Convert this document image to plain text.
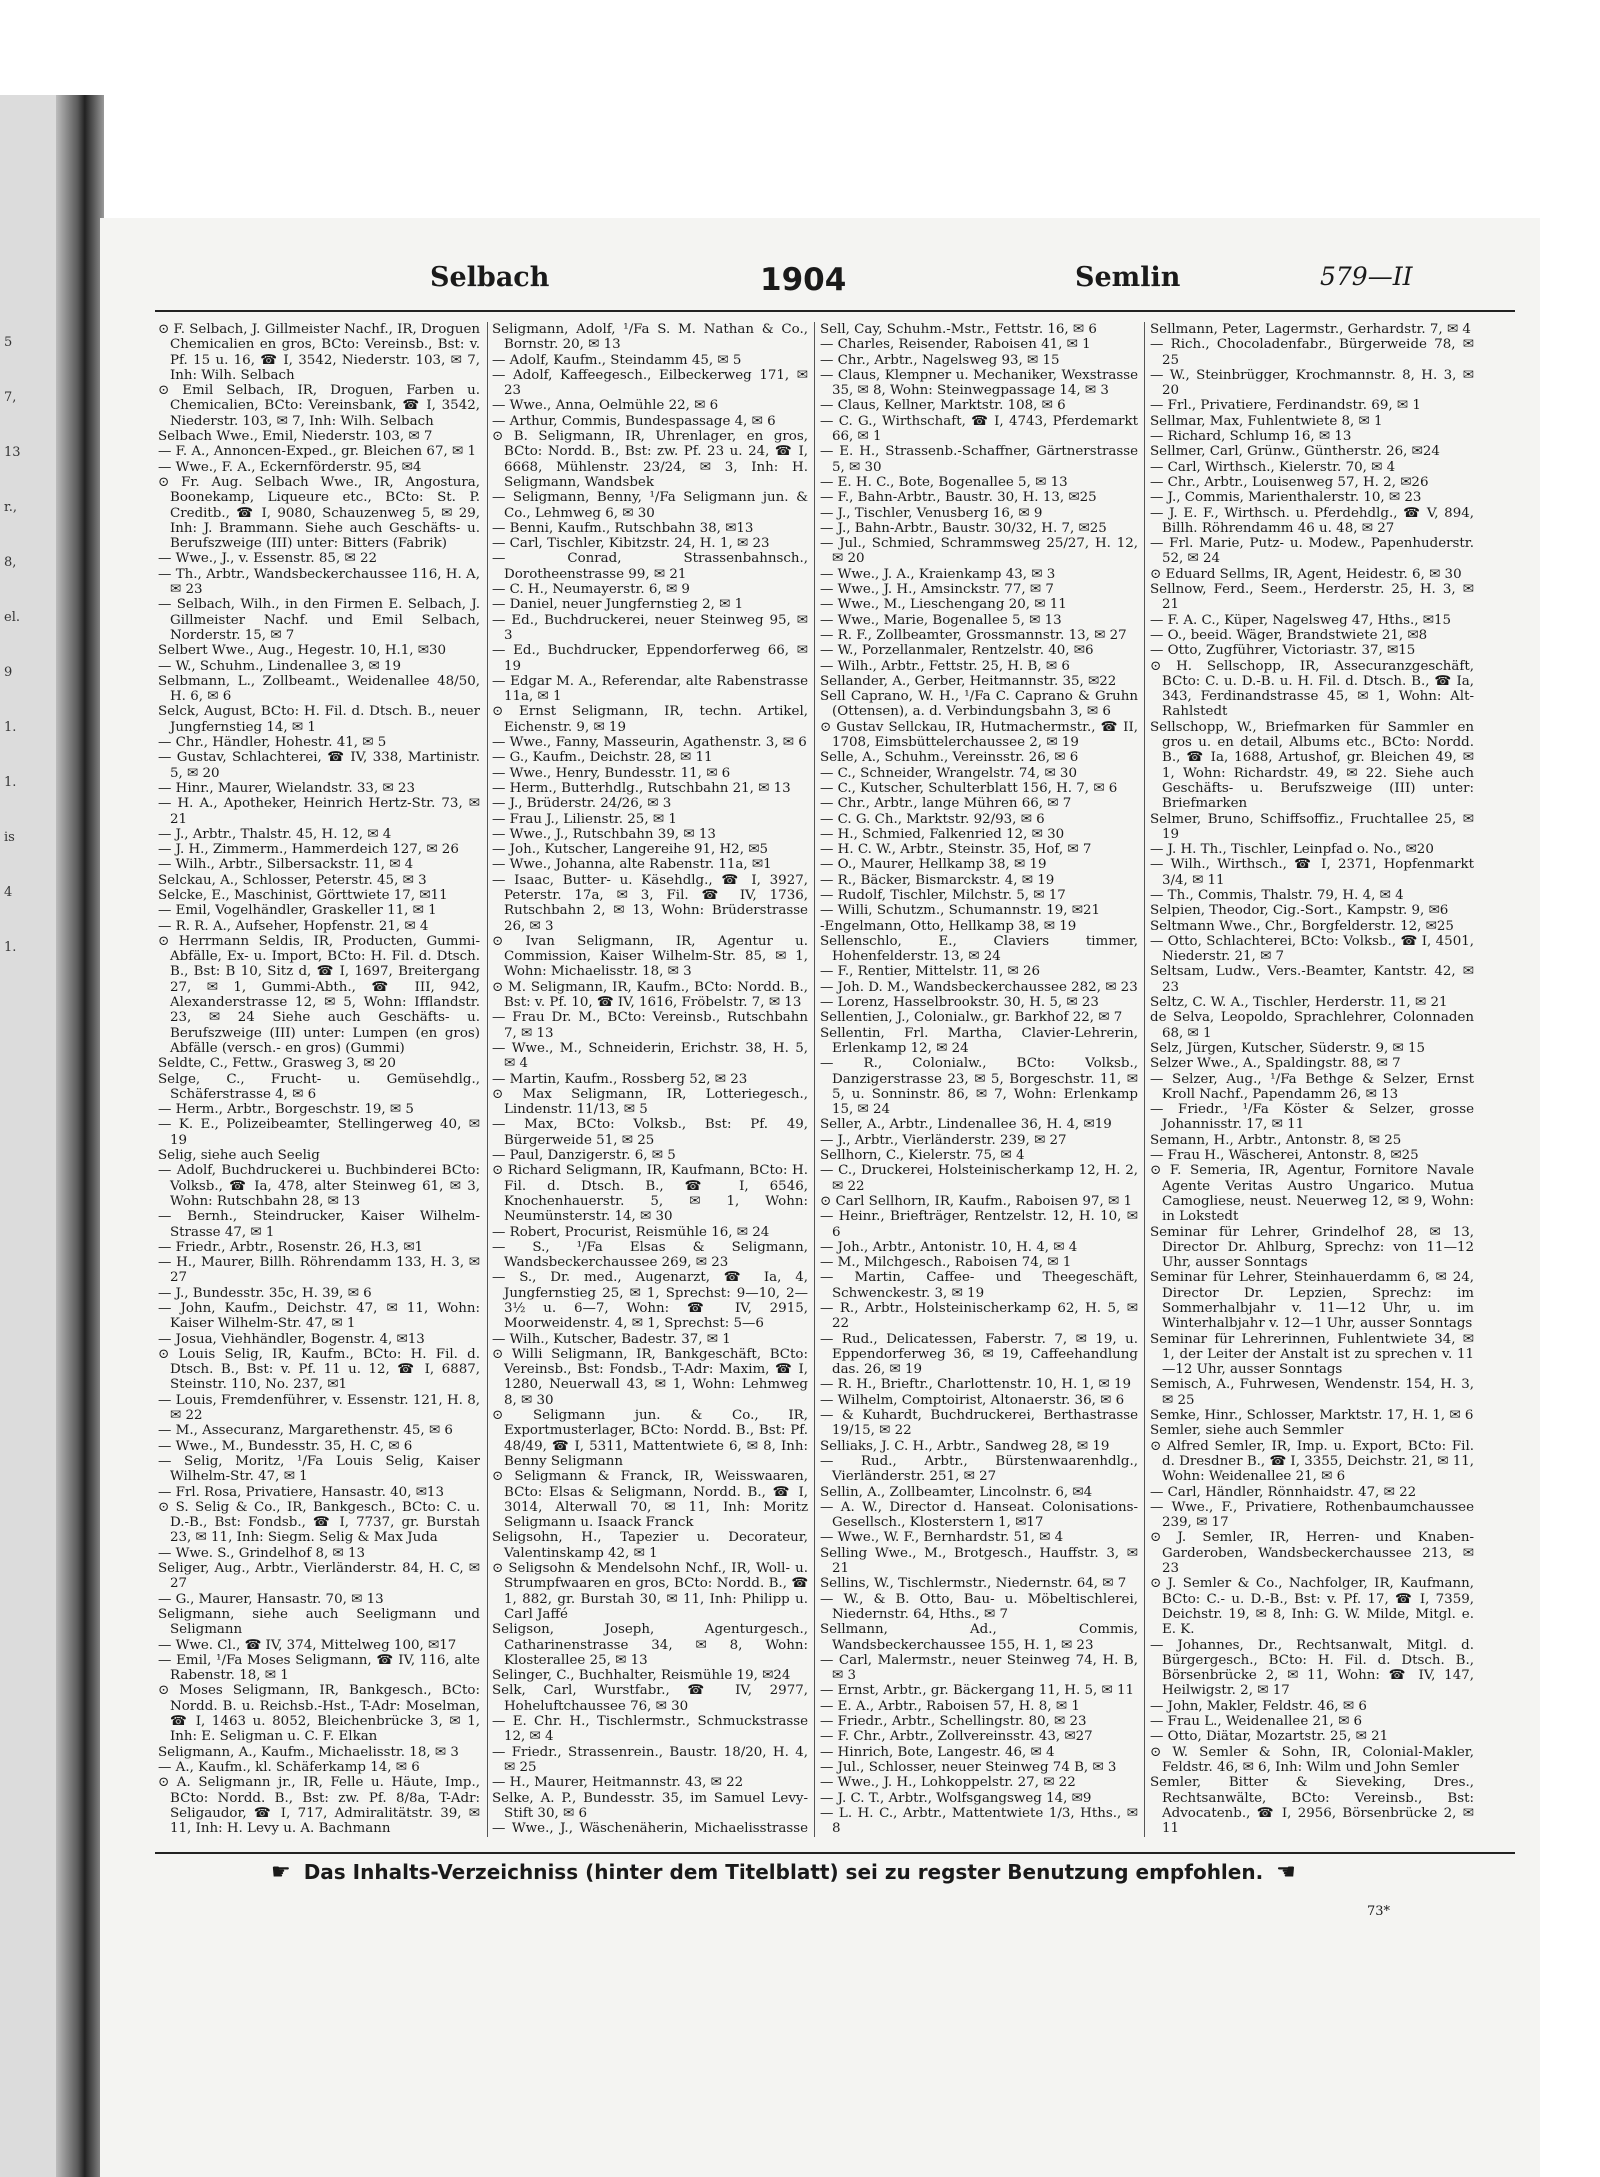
5
7,
13
r.,
8,
el.
9
1.
1.
is
4
1.
Selbach	1904	Semlin	579—II

⊙ F. Selbach, J. Gillmeister Nachf., IR, Droguen Chemicalien en gros, BCto: Vereinsb., Bst: v. Pf. 15 u. 16, ☎ I, 3542, Niederstr. 103, ✉ 7, Inh: Wilh. Selbach

⊙ Emil Selbach, IR, Droguen, Farben u. Chemicalien, BCto: Vereinsbank, ☎ I, 3542, Niederstr. 103, ✉ 7, Inh: Wilh. Selbach

Selbach Wwe., Emil, Niederstr. 103, ✉ 7

— F. A., Annoncen-Exped., gr. Bleichen 67, ✉ 1

— Wwe., F. A., Eckernförderstr. 95, ✉4

⊙ Fr. Aug. Selbach Wwe., IR, Angostura, Boonekamp, Liqueure etc., BCto: St. P. Creditb., ☎ I, 9080, Schauzenweg 5, ✉ 29, Inh: J. Brammann. Siehe auch Geschäfts- u. Berufszweige (III) unter: Bitters (Fabrik)

— Wwe., J., v. Essenstr. 85, ✉ 22

— Th., Arbtr., Wandsbeckerchaussee 116, H. A, ✉ 23

— Selbach, Wilh., in den Firmen E. Selbach, J. Gillmeister Nachf. und Emil Selbach, Norderstr. 15, ✉ 7

Selbert Wwe., Aug., Hegestr. 10, H.1, ✉30

— W., Schuhm., Lindenallee 3, ✉ 19

Selbmann, L., Zollbeamt., Weidenallee 48/50, H. 6, ✉ 6

Selck, August, BCto: H. Fil. d. Dtsch. B., neuer Jungfernstieg 14, ✉ 1

— Chr., Händler, Hohestr. 41, ✉ 5

— Gustav, Schlachterei, ☎ IV, 338, Martinistr. 5, ✉ 20

— Hinr., Maurer, Wielandstr. 33, ✉ 23

— H. A., Apotheker, Heinrich Hertz-Str. 73, ✉ 21

— J., Arbtr., Thalstr. 45, H. 12, ✉ 4

— J. H., Zimmerm., Hammerdeich 127, ✉ 26

— Wilh., Arbtr., Silbersackstr. 11, ✉ 4

Selckau, A., Schlosser, Peterstr. 45, ✉ 3

Selcke, E., Maschinist, Görttwiete 17, ✉11

— Emil, Vogelhändler, Graskeller 11, ✉ 1

— R. R. A., Aufseher, Hopfenstr. 21, ✉ 4

⊙ Herrmann Seldis, IR, Producten, Gummi-Abfälle, Ex- u. Import, BCto: H. Fil. d. Dtsch. B., Bst: B 10, Sitz d, ☎ I, 1697, Breitergang 27, ✉ 1, Gummi-Abth., ☎ III, 942, Alexanderstrasse 12, ✉ 5, Wohn: Ifflandstr. 23, ✉ 24 Siehe auch Geschäfts- u. Berufszweige (III) unter: Lumpen (en gros) Abfälle (versch.- en gros) (Gummi)

Seldte, C., Fettw., Grasweg 3, ✉ 20

Selge, C., Frucht- u. Gemüsehdlg., Schäferstrasse 4, ✉ 6

— Herm., Arbtr., Borgeschstr. 19, ✉ 5

— K. E., Polizeibeamter, Stellingerweg 40, ✉ 19

Selig, siehe auch Seelig

— Adolf, Buchdruckerei u. Buchbinderei BCto: Volksb., ☎ Ia, 478, alter Steinweg 61, ✉ 3, Wohn: Rutschbahn 28, ✉ 13

— Bernh., Steindrucker, Kaiser Wilhelm-Strasse 47, ✉ 1

— Friedr., Arbtr., Rosenstr. 26, H.3, ✉1

— H., Maurer, Billh. Röhrendamm 133, H. 3, ✉ 27

— J., Bundesstr. 35c, H. 39, ✉ 6

— John, Kaufm., Deichstr. 47, ✉ 11, Wohn: Kaiser Wilhelm-Str. 47, ✉ 1

— Josua, Viehhändler, Bogenstr. 4, ✉13

⊙ Louis Selig, IR, Kaufm., BCto: H. Fil. d. Dtsch. B., Bst: v. Pf. 11 u. 12, ☎ I, 6887, Steinstr. 110, No. 237, ✉1

— Louis, Fremdenführer, v. Essenstr. 121, H. 8, ✉ 22

— M., Assecuranz, Margarethenstr. 45, ✉ 6

— Wwe., M., Bundesstr. 35, H. C, ✉ 6

— Selig, Moritz, ¹/Fa Louis Selig, Kaiser Wilhelm-Str. 47, ✉ 1

— Frl. Rosa, Privatiere, Hansastr. 40, ✉13

⊙ S. Selig & Co., IR, Bankgesch., BCto: C. u. D.-B., Bst: Fondsb., ☎ I, 7737, gr. Burstah 23, ✉ 11, Inh: Siegm. Selig & Max Juda

— Wwe. S., Grindelhof 8, ✉ 13

Seliger, Aug., Arbtr., Vierländerstr. 84, H. C, ✉ 27

— G., Maurer, Hansastr. 70, ✉ 13

Seligmann, siehe auch Seeligmann und Seligmann

— Wwe. Cl., ☎ IV, 374, Mittelweg 100, ✉17

— Emil, ¹/Fa Moses Seligmann, ☎ IV, 116, alte Rabenstr. 18, ✉ 1

⊙ Moses Seligmann, IR, Bankgesch., BCto: Nordd. B. u. Reichsb.-Hst., T-Adr: Moselman, ☎ I, 1463 u. 8052, Bleichenbrücke 3, ✉ 1, Inh: E. Seligman u. C. F. Elkan

Seligmann, A., Kaufm., Michaelisstr. 18, ✉ 3

— A., Kaufm., kl. Schäferkamp 14, ✉ 6

⊙ A. Seligmann jr., IR, Felle u. Häute, Imp., BCto: Nordd. B., Bst: zw. Pf. 8/8a, T-Adr: Seligaudor, ☎ I, 717, Admiralitätstr. 39, ✉ 11, Inh: H. Levy u. A. Bachmann

Seligmann, Adolf, ¹/Fa S. M. Nathan & Co., Bornstr. 20, ✉ 13

— Adolf, Kaufm., Steindamm 45, ✉ 5

— Adolf, Kaffeegesch., Eilbeckerweg 171, ✉ 23

— Wwe., Anna, Oelmühle 22, ✉ 6

— Arthur, Commis, Bundespassage 4, ✉ 6

⊙ B. Seligmann, IR, Uhrenlager, en gros, BCto: Nordd. B., Bst: zw. Pf. 23 u. 24, ☎ I, 6668, Mühlenstr. 23/24, ✉ 3, Inh: H. Seligmann, Wandsbek

— Seligmann, Benny, ¹/Fa Seligmann jun. & Co., Lehmweg 6, ✉ 30

— Benni, Kaufm., Rutschbahn 38, ✉13

— Carl, Tischler, Kibitzstr. 24, H. 1, ✉ 23

— Conrad, Strassenbahnsch., Dorotheenstrasse 99, ✉ 21

— C. H., Neumayerstr. 6, ✉ 9

— Daniel, neuer Jungfernstieg 2, ✉ 1

— Ed., Buchdruckerei, neuer Steinweg 95, ✉ 3

— Ed., Buchdrucker, Eppendorferweg 66, ✉ 19

— Edgar M. A., Referendar, alte Rabenstrasse 11a, ✉ 1

⊙ Ernst Seligmann, IR, techn. Artikel, Eichenstr. 9, ✉ 19

— Wwe., Fanny, Masseurin, Agathenstr. 3, ✉ 6

— G., Kaufm., Deichstr. 28, ✉ 11

— Wwe., Henry, Bundesstr. 11, ✉ 6

— Herm., Butterhdlg., Rutschbahn 21, ✉ 13

— J., Brüderstr. 24/26, ✉ 3

— Frau J., Lilienstr. 25, ✉ 1

— Wwe., J., Rutschbahn 39, ✉ 13

— Joh., Kutscher, Langereihe 91, H2, ✉5

— Wwe., Johanna, alte Rabenstr. 11a, ✉1

— Isaac, Butter- u. Käsehdlg., ☎ I, 3927, Peterstr. 17a, ✉ 3, Fil. ☎ IV, 1736, Rutschbahn 2, ✉ 13, Wohn: Brüderstrasse 26, ✉ 3

⊙ Ivan Seligmann, IR, Agentur u. Commission, Kaiser Wilhelm-Str. 85, ✉ 1, Wohn: Michaelisstr. 18, ✉ 3

⊙ M. Seligmann, IR, Kaufm., BCto: Nordd. B., Bst: v. Pf. 10, ☎ IV, 1616, Fröbelstr. 7, ✉ 13

— Frau Dr. M., BCto: Vereinsb., Rutschbahn 7, ✉ 13

— Wwe., M., Schneiderin, Erichstr. 38, H. 5, ✉ 4

— Martin, Kaufm., Rossberg 52, ✉ 23

⊙ Max Seligmann, IR, Lotteriegesch., Lindenstr. 11/13, ✉ 5

— Max, BCto: Volksb., Bst: Pf. 49, Bürgerweide 51, ✉ 25

— Paul, Danzigerstr. 6, ✉ 5

⊙ Richard Seligmann, IR, Kaufmann, BCto: H. Fil. d. Dtsch. B., ☎ I, 6546, Knochenhauerstr. 5, ✉ 1, Wohn: Neumünsterstr. 14, ✉ 30

— Robert, Procurist, Reismühle 16, ✉ 24

— S., ¹/Fa Elsas & Seligmann, Wandsbeckerchaussee 269, ✉ 23

— S., Dr. med., Augenarzt, ☎ Ia, 4, Jungfernstieg 25, ✉ 1, Sprechst: 9—10, 2—3½ u. 6—7, Wohn: ☎ IV, 2915, Moorweidenstr. 4, ✉ 1, Sprechst: 5—6

— Wilh., Kutscher, Badestr. 37, ✉ 1

⊙ Willi Seligmann, IR, Bankgeschäft, BCto: Vereinsb., Bst: Fondsb., T-Adr: Maxim, ☎ I, 1280, Neuerwall 43, ✉ 1, Wohn: Lehmweg 8, ✉ 30

⊙ Seligmann jun. & Co., IR, Exportmusterlager, BCto: Nordd. B., Bst: Pf. 48/49, ☎ I, 5311, Mattentwiete 6, ✉ 8, Inh: Benny Seligmann

⊙ Seligmann & Franck, IR, Weisswaaren, BCto: Elsas & Seligmann, Nordd. B., ☎ I, 3014, Alterwall 70, ✉ 11, Inh: Moritz Seligmann u. Isaack Franck

Seligsohn, H., Tapezier u. Decorateur, Valentinskamp 42, ✉ 1

⊙ Seligsohn & Mendelsohn Nchf., IR, Woll- u. Strumpfwaaren en gros, BCto: Nordd. B., ☎ 1, 882, gr. Burstah 30, ✉ 11, Inh: Philipp u. Carl Jaffé

Seligson, Joseph, Agenturgesch., Catharinenstrasse 34, ✉ 8, Wohn: Klosterallee 25, ✉ 13

Selinger, C., Buchhalter, Reismühle 19, ✉24

Selk, Carl, Wurstfabr., ☎ IV, 2977, Hoheluftchaussee 76, ✉ 30

— E. Chr. H., Tischlermstr., Schmuckstrasse 12, ✉ 4

— Friedr., Strassenrein., Baustr. 18/20, H. 4, ✉ 25

— H., Maurer, Heitmannstr. 43, ✉ 22

Selke, A. P., Bundesstr. 35, im Samuel Levy-Stift 30, ✉ 6

— Wwe., J., Wäschenäherin, Michaelisstrasse

Sell, Cay, Schuhm.-Mstr., Fettstr. 16, ✉ 6

— Charles, Reisender, Raboisen 41, ✉ 1

— Chr., Arbtr., Nagelsweg 93, ✉ 15

— Claus, Klempner u. Mechaniker, Wexstrasse 35, ✉ 8, Wohn: Steinwegpassage 14, ✉ 3

— Claus, Kellner, Marktstr. 108, ✉ 6

— C. G., Wirthschaft, ☎ I, 4743, Pferdemarkt 66, ✉ 1

— E. H., Strassenb.-Schaffner, Gärtnerstrasse 5, ✉ 30

— E. H. C., Bote, Bogenallee 5, ✉ 13

— F., Bahn-Arbtr., Baustr. 30, H. 13, ✉25

— J., Tischler, Venusberg 16, ✉ 9

— J., Bahn-Arbtr., Baustr. 30/32, H. 7, ✉25

— Jul., Schmied, Schrammsweg 25/27, H. 12, ✉ 20

— Wwe., J. A., Kraienkamp 43, ✉ 3

— Wwe., J. H., Amsinckstr. 77, ✉ 7

— Wwe., M., Lieschengang 20, ✉ 11

— Wwe., Marie, Bogenallee 5, ✉ 13

— R. F., Zollbeamter, Grossmannstr. 13, ✉ 27

— W., Porzellanmaler, Rentzelstr. 40, ✉6

— Wilh., Arbtr., Fettstr. 25, H. B, ✉ 6

Sellander, A., Gerber, Heitmannstr. 35, ✉22

Sell Caprano, W. H., ¹/Fa C. Caprano & Gruhn (Ottensen), a. d. Verbindungsbahn 3, ✉ 6

⊙ Gustav Sellckau, IR, Hutmachermstr., ☎ II, 1708, Eimsbüttelerchaussee 2, ✉ 19

Selle, A., Schuhm., Vereinsstr. 26, ✉ 6

— C., Schneider, Wrangelstr. 74, ✉ 30

— C., Kutscher, Schulterblatt 156, H. 7, ✉ 6

— Chr., Arbtr., lange Mühren 66, ✉ 7

— C. G. Ch., Marktstr. 92/93, ✉ 6

— H., Schmied, Falkenried 12, ✉ 30

— H. C. W., Arbtr., Steinstr. 35, Hof, ✉ 7

— O., Maurer, Hellkamp 38, ✉ 19

— R., Bäcker, Bismarckstr. 4, ✉ 19

— Rudolf, Tischler, Milchstr. 5, ✉ 17

— Willi, Schutzm., Schumannstr. 19, ✉21

-Engelmann, Otto, Hellkamp 38, ✉ 19

Sellenschlo, E., Claviers timmer, Hohenfelderstr. 13, ✉ 24

— F., Rentier, Mittelstr. 11, ✉ 26

— Joh. D. M., Wandsbeckerchaussee 282, ✉ 23

— Lorenz, Hasselbrookstr. 30, H. 5, ✉ 23

Sellentien, J., Colonialw., gr. Barkhof 22, ✉ 7

Sellentin, Frl. Martha, Clavier-Lehrerin, Erlenkamp 12, ✉ 24

— R., Colonialw., BCto: Volksb., Danzigerstrasse 23, ✉ 5, Borgeschstr. 11, ✉ 5, u. Sonninstr. 86, ✉ 7, Wohn: Erlenkamp 15, ✉ 24

Seller, A., Arbtr., Lindenallee 36, H. 4, ✉19

— J., Arbtr., Vierländerstr. 239, ✉ 27

Sellhorn, C., Kielerstr. 75, ✉ 4

— C., Druckerei, Holsteinischerkamp 12, H. 2, ✉ 22

⊙ Carl Sellhorn, IR, Kaufm., Raboisen 97, ✉ 1

— Heinr., Briefträger, Rentzelstr. 12, H. 10, ✉ 6

— Joh., Arbtr., Antonistr. 10, H. 4, ✉ 4

— M., Milchgesch., Raboisen 74, ✉ 1

— Martin, Caffee- und Theegeschäft, Schwenckestr. 3, ✉ 19

— R., Arbtr., Holsteinischerkamp 62, H. 5, ✉ 22

— Rud., Delicatessen, Faberstr. 7, ✉ 19, u. Eppendorferweg 36, ✉ 19, Caffeehandlung das. 26, ✉ 19

— R. H., Brieftr., Charlottenstr. 10, H. 1, ✉ 19

— Wilhelm, Comptoirist, Altonaerstr. 36, ✉ 6

— & Kuhardt, Buchdruckerei, Berthastrasse 19/15, ✉ 22

Selliaks, J. C. H., Arbtr., Sandweg 28, ✉ 19

— Rud., Arbtr., Bürstenwaarenhdlg., Vierländerstr. 251, ✉ 27

Sellin, A., Zollbeamter, Lincolnstr. 6, ✉4

— A. W., Director d. Hanseat. Colonisations-Gesellsch., Klosterstern 1, ✉17

— Wwe., W. F., Bernhardstr. 51, ✉ 4

Selling Wwe., M., Brotgesch., Hauffstr. 3, ✉ 21

Sellins, W., Tischlermstr., Niedernstr. 64, ✉ 7

— W., & B. Otto, Bau- u. Möbeltischlerei, Niedernstr. 64, Hths., ✉ 7

Sellmann, Ad., Commis, Wandsbeckerchaussee 155, H. 1, ✉ 23

— Carl, Malermstr., neuer Steinweg 74, H. B, ✉ 3

— Ernst, Arbtr., gr. Bäckergang 11, H. 5, ✉ 11

— E. A., Arbtr., Raboisen 57, H. 8, ✉ 1

— Friedr., Arbtr., Schellingstr. 80, ✉ 23

— F. Chr., Arbtr., Zollvereinsstr. 43, ✉27

— Hinrich, Bote, Langestr. 46, ✉ 4

— Jul., Schlosser, neuer Steinweg 74 B, ✉ 3

— Wwe., J. H., Lohkoppelstr. 27, ✉ 22

— J. C. T., Arbtr., Wolfsgangsweg 14, ✉9

— L. H. C., Arbtr., Mattentwiete 1/3, Hths., ✉ 8

Sellmann, Peter, Lagermstr., Gerhardstr. 7, ✉ 4

— Rich., Chocoladenfabr., Bürgerweide 78, ✉ 25

— W., Steinbrügger, Krochmannstr. 8, H. 3, ✉ 20

— Frl., Privatiere, Ferdinandstr. 69, ✉ 1

Sellmar, Max, Fuhlentwiete 8, ✉ 1

— Richard, Schlump 16, ✉ 13

Sellmer, Carl, Grünw., Güntherstr. 26, ✉24

— Carl, Wirthsch., Kielerstr. 70, ✉ 4

— Chr., Arbtr., Louisenweg 57, H. 2, ✉26

— J., Commis, Marienthalerstr. 10, ✉ 23

— J. E. F., Wirthsch. u. Pferdehdlg., ☎ V, 894, Billh. Röhrendamm 46 u. 48, ✉ 27

— Frl. Marie, Putz- u. Modew., Papenhuderstr. 52, ✉ 24

⊙ Eduard Sellms, IR, Agent, Heidestr. 6, ✉ 30

Sellnow, Ferd., Seem., Herderstr. 25, H. 3, ✉ 21

— F. A. C., Küper, Nagelsweg 47, Hths., ✉15

— O., beeid. Wäger, Brandstwiete 21, ✉8

— Otto, Zugführer, Victoriastr. 37, ✉15

⊙ H. Sellschopp, IR, Assecuranzgeschäft, BCto: C. u. D.-B. u. H. Fil. d. Dtsch. B., ☎ Ia, 343, Ferdinandstrasse 45, ✉ 1, Wohn: Alt-Rahlstedt

Sellschopp, W., Briefmarken für Sammler en gros u. en detail, Albums etc., BCto: Nordd. B., ☎ Ia, 1688, Artushof, gr. Bleichen 49, ✉ 1, Wohn: Richardstr. 49, ✉ 22. Siehe auch Geschäfts- u. Berufszweige (III) unter: Briefmarken

Selmer, Bruno, Schiffsoffiz., Fruchtallee 25, ✉ 19

— J. H. Th., Tischler, Leinpfad o. No., ✉20

— Wilh., Wirthsch., ☎ I, 2371, Hopfenmarkt 3/4, ✉ 11

— Th., Commis, Thalstr. 79, H. 4, ✉ 4

Selpien, Theodor, Cig.-Sort., Kampstr. 9, ✉6

Seltmann Wwe., Chr., Borgfelderstr. 12, ✉25

— Otto, Schlachterei, BCto: Volksb., ☎ I, 4501, Niederstr. 21, ✉ 7

Seltsam, Ludw., Vers.-Beamter, Kantstr. 42, ✉ 23

Seltz, C. W. A., Tischler, Herderstr. 11, ✉ 21

de Selva, Leopoldo, Sprachlehrer, Colonnaden 68, ✉ 1

Selz, Jürgen, Kutscher, Süderstr. 9, ✉ 15

Selzer Wwe., A., Spaldingstr. 88, ✉ 7

— Selzer, Aug., ¹/Fa Bethge & Selzer, Ernst Kroll Nachf., Papendamm 26, ✉ 13

— Friedr., ¹/Fa Köster & Selzer, grosse Johannisstr. 17, ✉ 11

Semann, H., Arbtr., Antonstr. 8, ✉ 25

— Frau H., Wäscherei, Antonstr. 8, ✉25

⊙ F. Semeria, IR, Agentur, Fornitore Navale Agente Veritas Austro Ungarico. Mutua Camogliese, neust. Neuerweg 12, ✉ 9, Wohn: in Lokstedt

Seminar für Lehrer, Grindelhof 28, ✉ 13, Director Dr. Ahlburg, Sprechz: von 11—12 Uhr, ausser Sonntags

Seminar für Lehrer, Steinhauerdamm 6, ✉ 24, Director Dr. Lepzien, Sprechz: im Sommerhalbjahr v. 11—12 Uhr, u. im Winterhalbjahr v. 12—1 Uhr, ausser Sonntags

Seminar für Lehrerinnen, Fuhlentwiete 34, ✉ 1, der Leiter der Anstalt ist zu sprechen v. 11—12 Uhr, ausser Sonntags

Semisch, A., Fuhrwesen, Wendenstr. 154, H. 3, ✉ 25

Semke, Hinr., Schlosser, Marktstr. 17, H. 1, ✉ 6

Semler, siehe auch Semmler

⊙ Alfred Semler, IR, Imp. u. Export, BCto: Fil. d. Dresdner B., ☎ I, 3355, Deichstr. 21, ✉ 11, Wohn: Weidenallee 21, ✉ 6

— Carl, Händler, Rönnhaidstr. 47, ✉ 22

— Wwe., F., Privatiere, Rothenbaumchaussee 239, ✉ 17

⊙ J. Semler, IR, Herren- und Knaben-Garderoben, Wandsbeckerchaussee 213, ✉ 23

⊙ J. Semler & Co., Nachfolger, IR, Kaufmann, BCto: C.- u. D.-B., Bst: v. Pf. 17, ☎ I, 7359, Deichstr. 19, ✉ 8, Inh: G. W. Milde, Mitgl. e. E. K.

— Johannes, Dr., Rechtsanwalt, Mitgl. d. Bürgergesch., BCto: H. Fil. d. Dtsch. B., Börsenbrücke 2, ✉ 11, Wohn: ☎ IV, 147, Heilwigstr. 2, ✉ 17

— John, Makler, Feldstr. 46, ✉ 6

— Frau L., Weidenallee 21, ✉ 6

— Otto, Diätar, Mozartstr. 25, ✉ 21

⊙ W. Semler & Sohn, IR, Colonial-Makler, Feldstr. 46, ✉ 6, Inh: Wilm und John Semler

Semler, Bitter & Sieveking, Dres., Rechtsanwälte, BCto: Vereinsb., Bst: Advocatenb., ☎ I, 2956, Börsenbrücke 2, ✉ 11

☛ Das Inhalts-Verzeichniss (hinter dem Titelblatt) sei zu regster Benutzung empfohlen. ☚
73*
